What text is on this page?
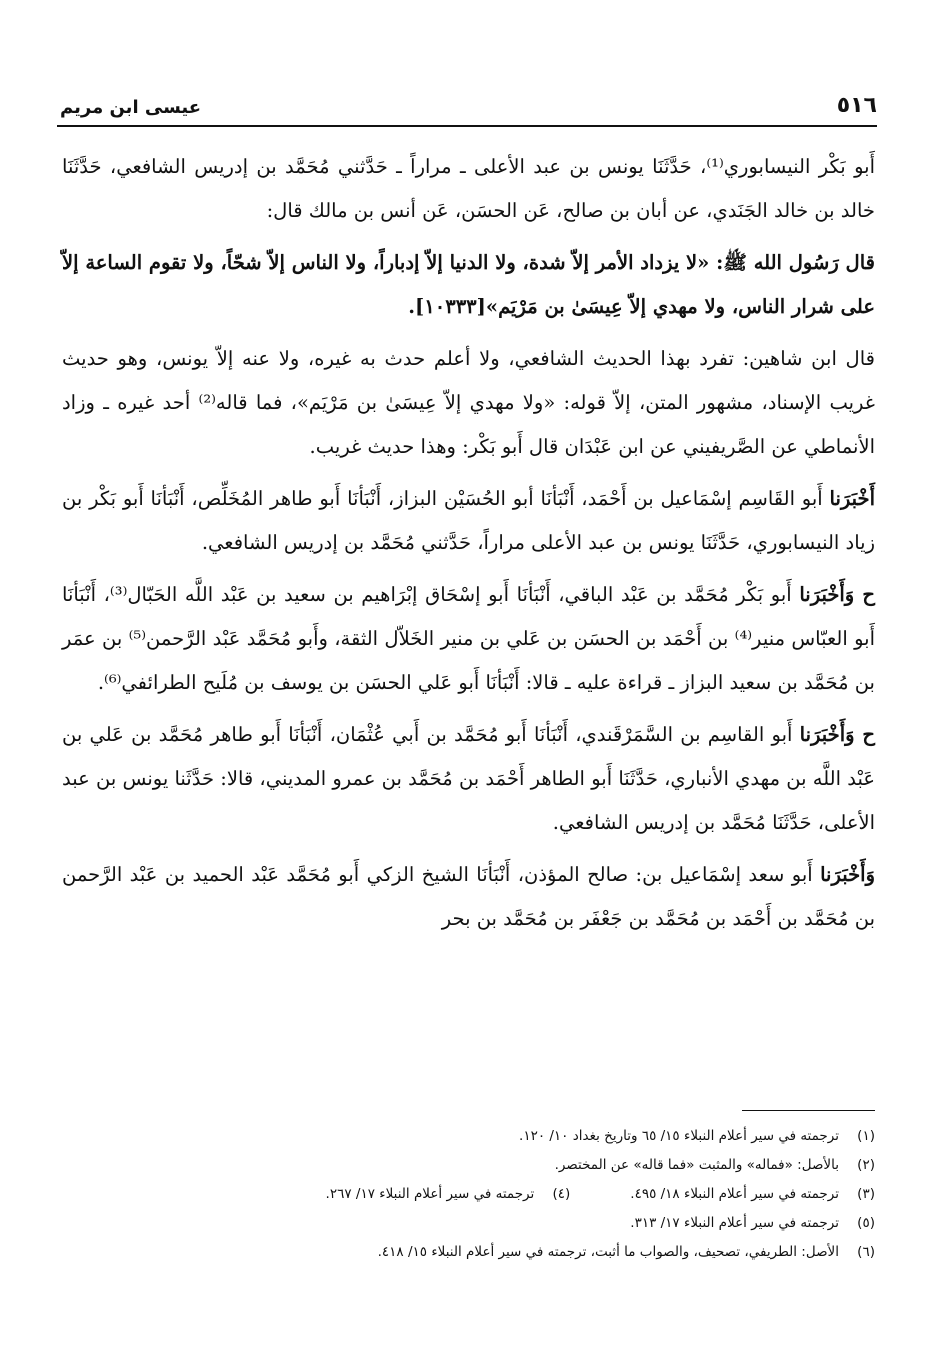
عيسى ابن مريم	٥١٦

أَبو بَكْر النيسابوري⁽¹⁾، حَدَّثَنَا يونس بن عبد الأعلى ـ مراراً ـ حَدَّثني مُحَمَّد بن إدريس الشافعي، حَدَّثَنَا خالد بن خالد الجَنَدي، عن أبان بن صالح، عَن الحسَن، عَن أنس بن مالك قال:

قال رَسُول الله ﷺ: «لا يزداد الأمر إلاّ شدة، ولا الدنيا إلاّ إدباراً، ولا الناس إلاّ شحّاً، ولا تقوم الساعة إلاّ على شرار الناس، ولا مهدي إلاّ عِيسَىٰ بن مَرْيَم»[١٠٣٣٣].

قال ابن شاهين: تفرد بهذا الحديث الشافعي، ولا أعلم حدث به غيره، ولا عنه إلاّ يونس، وهو حديث غريب الإسناد، مشهور المتن، إلاّ قوله: «ولا مهدي إلاّ عِيسَىٰ بن مَرْيَم»، فما قاله⁽²⁾ أحد غيره ـ وزاد الأنماطي عن الصَّريفيني عن ابن عَبْدَان قال أَبو بَكْر: وهذا حديث غريب.

أَخْبَرَنا أَبو القَاسِم إسْمَاعيل بن أَحْمَد، أَنْبَأنَا أبو الحُسَيْن البزاز، أَنْبَأنَا أَبو طاهر المُخَلِّص، أَنْبَأنَا أَبو بَكْر بن زياد النيسابوري، حَدَّثَنَا يونس بن عبد الأعلى مراراً، حَدَّثني مُحَمَّد بن إدريس الشافعي.

ح وَأَخْبَرَنا أَبو بَكْر مُحَمَّد بن عَبْد الباقي، أَنْبَأنَا أَبو إسْحَاق إبْرَاهيم بن سعيد بن عَبْد اللَّه الحَبّال⁽³⁾، أَنْبَأنَا أَبو العبّاس منير⁽⁴⁾ بن أَحْمَد بن الحسَن بن عَلي بن منير الخَلاّل الثقة، وأَبو مُحَمَّد عَبْد الرَّحمن⁽⁵⁾ بن عمَر بن مُحَمَّد بن سعيد البزاز ـ قراءة عليه ـ قالا: أَنْبَأنَا أَبو عَلي الحسَن بن يوسف بن مُلَيح الطرائفي⁽⁶⁾.

ح وَأَخْبَرَنا أَبو القاسِم بن السَّمَرْقَندي، أَنْبَأنَا أَبو مُحَمَّد بن أَبي عُثْمَان، أَنْبَأنَا أَبو طاهر مُحَمَّد بن عَلي بن عَبْد اللَّه بن مهدي الأنباري، حَدَّثَنَا أَبو الطاهر أَحْمَد بن مُحَمَّد بن عمرو المديني، قالا: حَدَّثَنا يونس بن عبد الأعلى، حَدَّثَنَا مُحَمَّد بن إدريس الشافعي.

وَأَخْبَرَنا أَبو سعد إسْمَاعيل بن: صالح المؤذن، أَنْبَأنَا الشيخ الزكي أَبو مُحَمَّد عَبْد الحميد بن عَبْد الرَّحمن بن مُحَمَّد بن أَحْمَد بن مُحَمَّد بن جَعْفَر بن مُحَمَّد بن بحر

(١)
ترجمته في سير أعلام النبلاء ١٥/ ٦٥ وتاريخ بغداد ١٠/ ١٢٠.
(٢)
بالأصل: «فماله» والمثبت «فما قاله» عن المختصر.
(٣)
ترجمته في سير أعلام النبلاء ١٨/ ٤٩٥.
(٤)
ترجمته في سير أعلام النبلاء ١٧/ ٢٦٧.
(٥)
ترجمته في سير أعلام النبلاء ١٧/ ٣١٣.
(٦)
الأصل: الطريفي، تصحيف، والصواب ما أثبت، ترجمته في سير أعلام النبلاء ١٥/ ٤١٨.
